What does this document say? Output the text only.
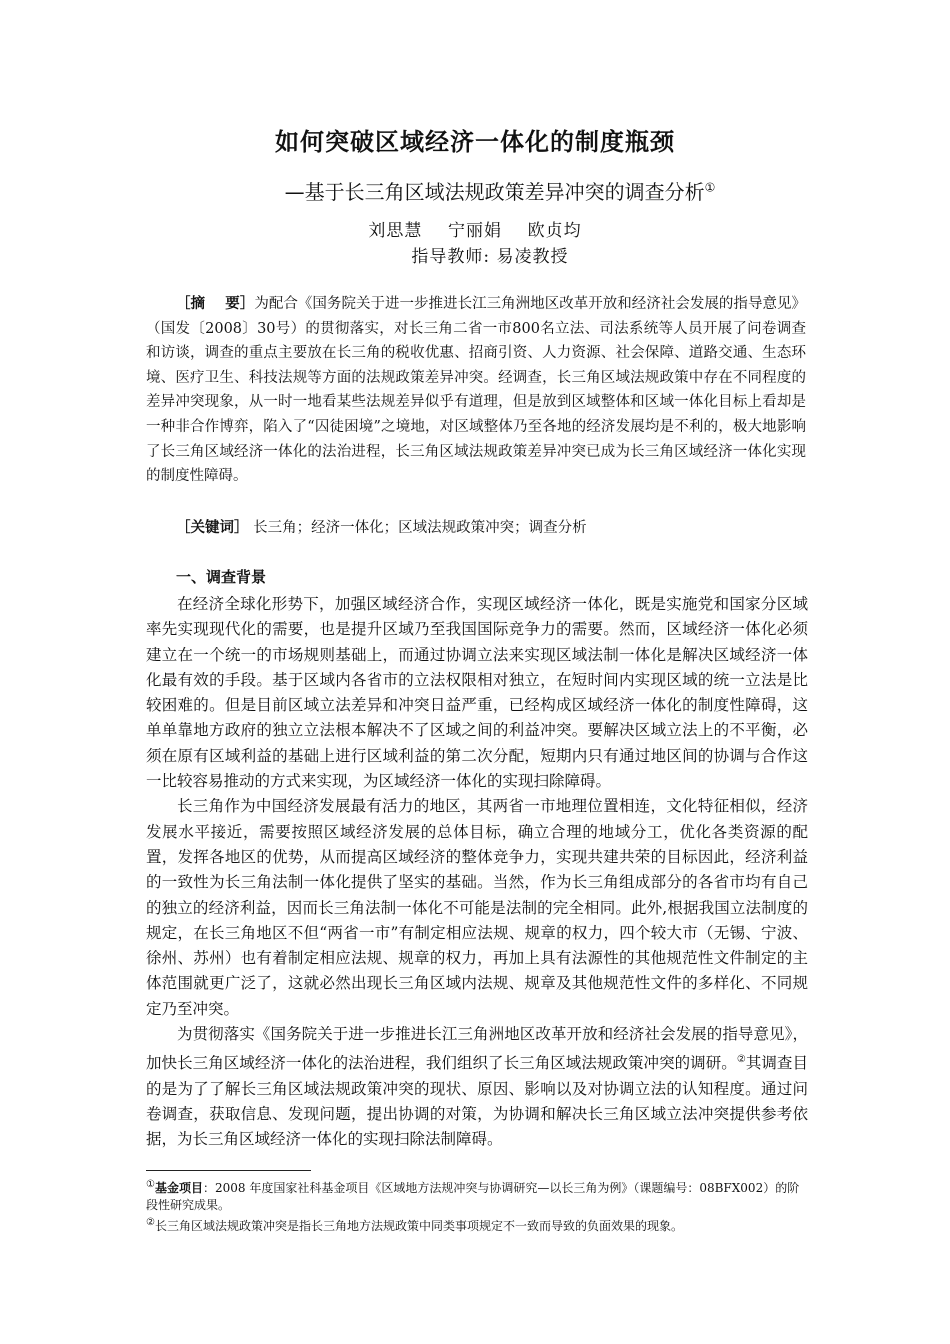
如何突破区域经济一体化的制度瓶颈
—基于长三角区域法规政策差异冲突的调查分析①
刘思慧    宁丽娟    欧贞均
指导教师: 易凌教授

［摘    要］为配合《国务院关于进一步推进长江三角洲地区改革开放和经济社会发展的指导意见》（国发〔2008〕30号）的贯彻落实，对长三角二省一市800名立法、司法系统等人员开展了问卷调查和访谈，调查的重点主要放在长三角的税收优惠、招商引资、人力资源、社会保障、道路交通、生态环境、医疗卫生、科技法规等方面的法规政策差异冲突。经调查，长三角区域法规政策中存在不同程度的差异冲突现象，从一时一地看某些法规差异似乎有道理，但是放到区域整体和区域一体化目标上看却是一种非合作博弈，陷入了“囚徒困境”之境地，对区域整体乃至各地的经济发展均是不利的，极大地影响了长三角区域经济一体化的法治进程，长三角区域法规政策差异冲突已成为长三角区域经济一体化实现的制度性障碍。

［关键词］ 长三角；经济一体化；区域法规政策冲突；调查分析

一、调查背景

在经济全球化形势下，加强区域经济合作，实现区域经济一体化，既是实施党和国家分区域率先实现现代化的需要，也是提升区域乃至我国国际竞争力的需要。然而，区域经济一体化必须建立在一个统一的市场规则基础上，而通过协调立法来实现区域法制一体化是解决区域经济一体化最有效的手段。基于区域内各省市的立法权限相对独立，在短时间内实现区域的统一立法是比较困难的。但是目前区域立法差异和冲突日益严重，已经构成区域经济一体化的制度性障碍，这单单靠地方政府的独立立法根本解决不了区域之间的利益冲突。要解决区域立法上的不平衡，必须在原有区域利益的基础上进行区域利益的第二次分配，短期内只有通过地区间的协调与合作这一比较容易推动的方式来实现，为区域经济一体化的实现扫除障碍。

长三角作为中国经济发展最有活力的地区，其两省一市地理位置相连，文化特征相似，经济发展水平接近，需要按照区域经济发展的总体目标，确立合理的地域分工，优化各类资源的配置，发挥各地区的优势，从而提高区域经济的整体竞争力，实现共建共荣的目标因此，经济利益的一致性为长三角法制一体化提供了坚实的基础。当然，作为长三角组成部分的各省市均有自己的独立的经济利益，因而长三角法制一体化不可能是法制的完全相同。此外,根据我国立法制度的规定，在长三角地区不但“两省一市”有制定相应法规、规章的权力，四个较大市（无锡、宁波、徐州、苏州）也有着制定相应法规、规章的权力，再加上具有法源性的其他规范性文件制定的主体范围就更广泛了，这就必然出现长三角区域内法规、规章及其他规范性文件的多样化、不同规定乃至冲突。

为贯彻落实《国务院关于进一步推进长江三角洲地区改革开放和经济社会发展的指导意见》，加快长三角区域经济一体化的法治进程，我们组织了长三角区域法规政策冲突的调研。②其调查目的是为了了解长三角区域法规政策冲突的现状、原因、影响以及对协调立法的认知程度。通过问卷调查，获取信息、发现问题，提出协调的对策，为协调和解决长三角区域立法冲突提供参考依据，为长三角区域经济一体化的实现扫除法制障碍。

①基金项目：2008 年度国家社科基金项目《区域地方法规冲突与协调研究—以长三角为例》（课题编号：08BFX002）的阶段性研究成果。

②长三角区域法规政策冲突是指长三角地方法规政策中同类事项规定不一致而导致的负面效果的现象。
